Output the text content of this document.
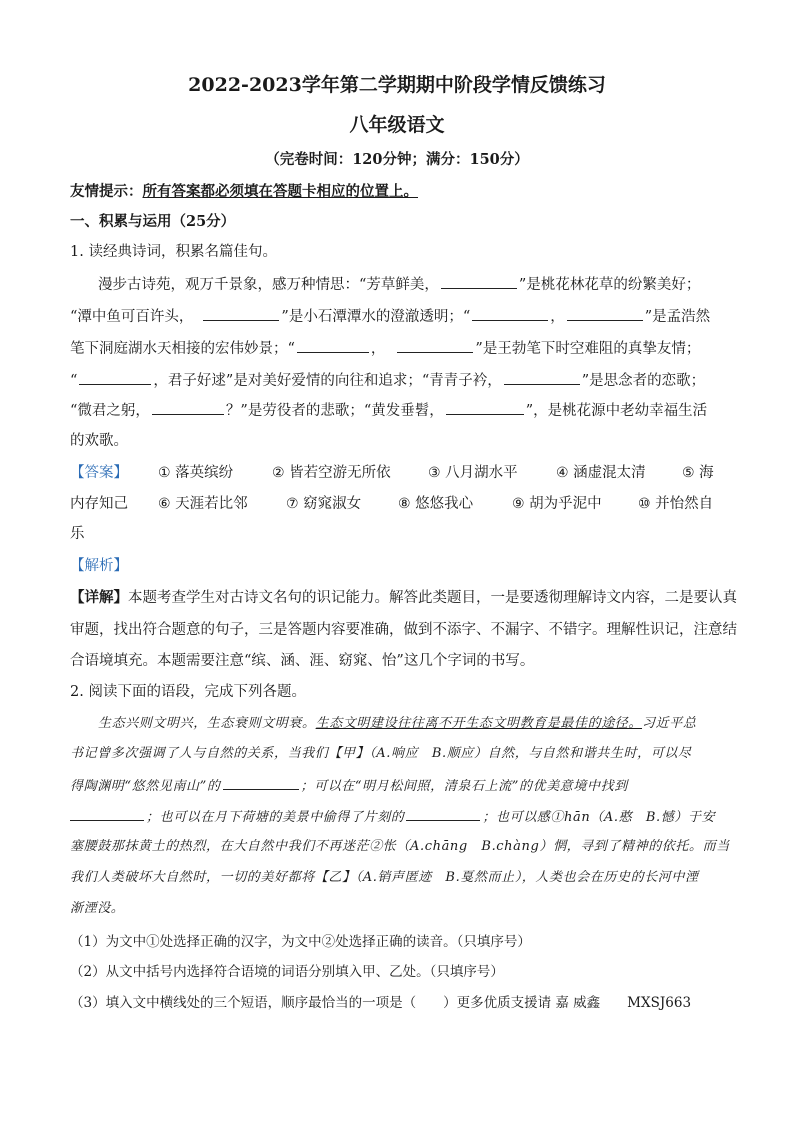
2022-2023学年第二学期期中阶段学情反馈练习
八年级语文
（完卷时间：120分钟；满分：150分）
友情提示：所有答案都必须填在答题卡相应的位置上。
一、积累与运用（25分）
1. 读经典诗词，积累名篇佳句。
漫步古诗苑，观万千景象，感万种情思：“芳草鲜美，	”是桃花林花草的纷繁美好；
“潭中鱼可百许头，	”是小石潭潭水的澄澈透明；“	，	”是孟浩然
笔下洞庭湖水天相接的宏伟妙景；“	，	”是王勃笔下时空难阻的真挚友情；
“	，君子好逑”是对美好爱情的向往和追求；“青青子衿，	”是思念者的恋歌；
“微君之躬，	？”是劳役者的悲歌；“黄发垂髫，	”，是桃花源中老幼幸福生活
的欢歌。
【答案】 ① 落英缤纷	② 皆若空游无所依	③ 八月湖水平	④ 涵虚混太清	⑤ 海
内存知己 ⑥ 天涯若比邻	⑦ 窈窕淑女	⑧ 悠悠我心	⑨ 胡为乎泥中	⑩ 并怡然自
乐
【解析】
【详解】本题考查学生对古诗文名句的识记能力。解答此类题目，一是要透彻理解诗文内容，二是要认真
审题，找出符合题意的句子，三是答题内容要准确，做到不添字、不漏字、不错字。理解性识记，注意结
合语境填充。本题需要注意“缤、涵、涯、窈窕、怡”这几个字词的书写。
2. 阅读下面的语段，完成下列各题。
生态兴则文明兴，生态衰则文明衰。生态文明建设往往离不开生态文明教育是最佳的途径。习近平总
书记曾多次强调了人与自然的关系，当我们【甲】（A.响应　B.顺应）自然，与自然和谐共生时，可以尽
得陶渊明“悠然见南山”的	；可以在“明月松间照，清泉石上流”的优美意境中找到
；也可以在月下荷塘的美景中偷得了片刻的	；也可以感①hān（A.憨　B.憾）于安
塞腰鼓那抹黄土的热烈，在大自然中我们不再迷茫②怅（A.chāng　B.chàng）惘，寻到了精神的依托。而当
我们人类破坏大自然时，一切的美好都将【乙】（A.销声匿迹　B.戛然而止），人类也会在历史的长河中湮
渐湮没。
（1）为文中①处选择正确的汉字，为文中②处选择正确的读音。（只填序号）
（2）从文中括号内选择符合语境的词语分别填入甲、乙处。（只填序号）
（3）填入文中横线处的三个短语，顺序最恰当的一项是（　　）更多优质支援请 嘉 威鑫　　MXSJ663
